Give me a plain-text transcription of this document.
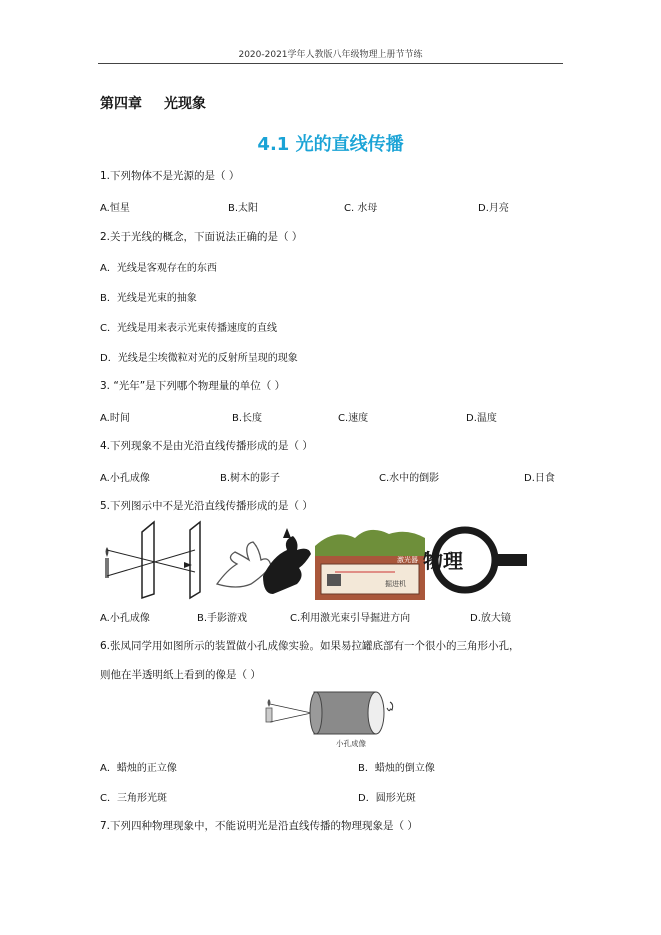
2020-2021学年人教版八年级物理上册节节练
第四章 光现象
4.1 光的直线传播
1.下列物体不是光源的是（ ）
A.恒星	B.太阳	C. 水母	D.月亮
2.关于光线的概念，下面说法正确的是（ ）
A．光线是客观存在的东西
B．光线是光束的抽象
C．光线是用来表示光束传播速度的直线
D．光线是尘埃微粒对光的反射所呈现的现象
3. “光年”是下列哪个物理量的单位（ ）
A.时间	B.长度	C.速度	D.温度
4.下列现象不是由光沿直线传播形成的是（ ）
A.小孔成像	B.树木的影子	C.水中的倒影	D.日食
5.下列图示中不是光沿直线传播形成的是（ ）
激光器
掘进机
物理
A.小孔成像	B.手影游戏	C.利用激光束引导掘进方向	D.放大镜
6.张凤同学用如图所示的装置做小孔成像实验。如果易拉罐底部有一个很小的三角形小孔，
则他在半透明纸上看到的像是（ ）
小孔成像
A．蜡烛的正立像	B．蜡烛的倒立像
C．三角形光斑	D．圆形光斑
7.下列四种物理现象中，不能说明光是沿直线传播的物理现象是（ ）
